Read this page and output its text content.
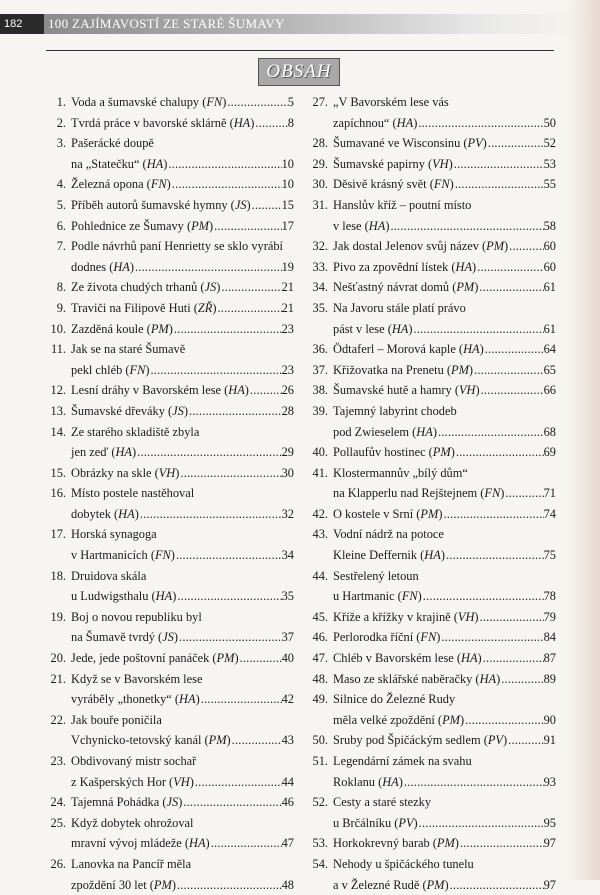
182	100 ZAJÍMAVOSTÍ ZE STARÉ ŠUMAVY
OBSAH
1. Voda a šumavské chalupy (FN) .....	5
2. Tvrdá práce v bavorské sklárně (HA) .....	8
3. Pašerácké doupě
na „Statečku“ (HA) .....	10
4. Železná opona (FN) .....	10
5. Příběh autorů šumavské hymny (JS) ..... 15
6. Pohlednice ze Šumavy (PM) .....	17
7. Podle návrhů paní Henrietty se sklo vyrábí
dodnes (HA) .....	19
8. Ze života chudých trhanů (JS) .....	21
9. Traviči na Filipově Huti (ZŘ) .....	21
10. Zazděná koule (PM) .....	23
11. Jak se na staré Šumavě
pekl chléb (FN) .....	23
12. Lesní dráhy v Bavorském lese (HA) .....	26
13. Šumavské dřeváky (JS) .....	28
14. Ze starého skladiště zbyla
jen zeď (HA) .....	29
15. Obrázky na skle (VH) .....	30
16. Místo postele nastěhoval
dobytek (HA) .....	32
17. Horská synagoga
v Hartmanicích (FN) .....	34
18. Druidova skála
u Ludwigsthalu (HA) .....	35
19. Boj o novou republiku byl
na Šumavě tvrdý (JS) .....	37
20. Jede, jede poštovní panáček (PM) .....	40
21. Když se v Bavorském lese
vyráběly „thonetky“ (HA) .....	42
22. Jak bouře poničila
Vchynicko-tetovský kanál (PM) .....	43
23. Obdivovaný mistr sochař
z Kašperských Hor (VH) .....	44
24. Tajemná Pohádka (JS) .....	46
25. Když dobytek ohrožoval
mravní vývoj mládeže (HA) .....	47
26. Lanovka na Pancíř měla
zpoždění 30 let (PM) .....	48
27. „V Bavorském lese vás
zapíchnou“ (HA) .....	50
28. Šumavané ve Wisconsinu (PV) .....	52
29. Šumavské papirny (VH) .....	53
30. Děsivě krásný svět (FN) .....	55
31. Hanslův kříž – poutní místo
v lese (HA) .....	58
32. Jak dostal Jelenov svůj název (PM) .....	60
33. Pivo za zpovědní lístek (HA) .....	60
34. Nešťastný návrat domů (PM) .....	61
35. Na Javoru stále platí právo
pást v lese (HA) .....	61
36. Ödtaferl – Morová kaple (HA) .....	64
37. Křižovatka na Prenetu (PM) .....	65
38. Šumavské hutě a hamry (VH) .....	66
39. Tajemný labyrint chodeb
pod Zwieselem (HA) .....	68
40. Pollaufův hostinec (PM) .....	69
41. Klostermannův „bílý dům“
na Klapperlu nad Rejštejnem (FN) .....	71
42. O kostele v Srní (PM) .....	74
43. Vodní nádrž na potoce
Kleine Deffernik (HA) .....	75
44. Sestřelený letoun
u Hartmanic (FN) .....	78
45. Kříže a křížky v krajině (VH) .....	79
46. Perlorodka říční (FN) .....	84
47. Chléb v Bavorském lese (HA) .....	87
48. Maso ze sklářské naběračky (HA) .....	89
49. Silnice do Železné Rudy
měla velké zpoždění (PM) .....	90
50. Sruby pod Špičáckým sedlem (PV) .....	91
51. Legendární zámek na svahu
Roklanu (HA) .....	93
52. Cesty a staré stezky
u Brčálníku (PV) .....	95
53. Horkokrevný barab (PM) .....	97
54. Nehody u špičáckého tunelu
a v Železné Rudě (PM) .....	97
